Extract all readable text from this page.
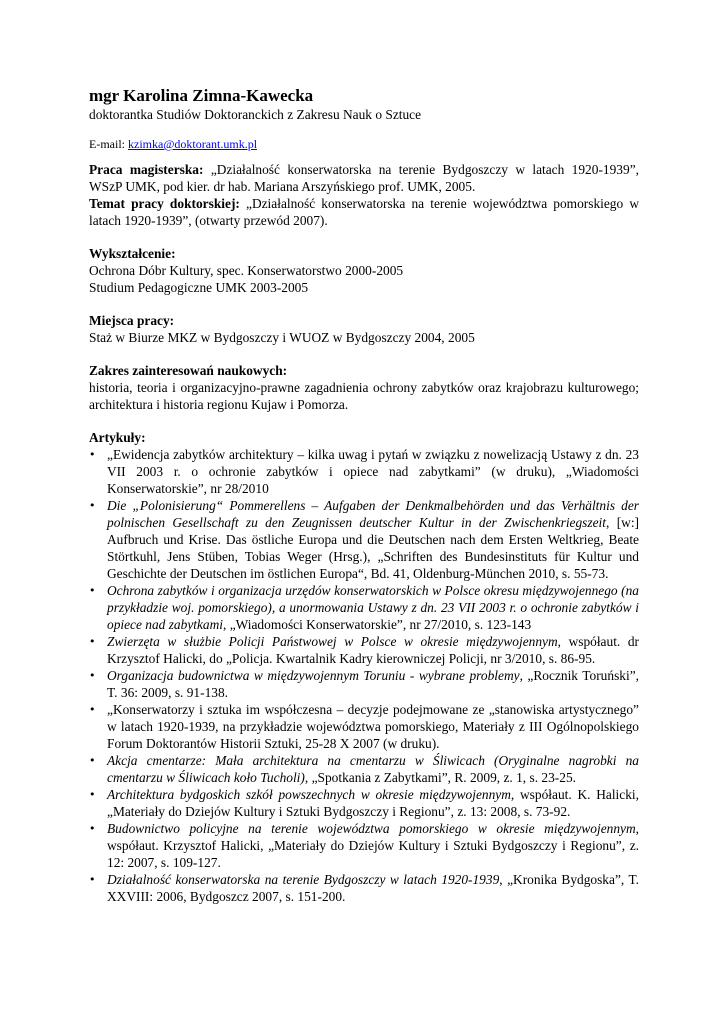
mgr Karolina Zimna-Kawecka

doktorantka Studiów Doktoranckich z Zakresu Nauk o Sztuce

E-mail: kzimka@doktorant.umk.pl

Praca magisterska: „Działalność konserwatorska na terenie Bydgoszczy w latach 1920-1939”, WSzP UMK, pod kier. dr hab. Mariana Arszyńskiego prof. UMK, 2005.

Temat pracy doktorskiej: „Działalność konserwatorska na terenie województwa pomorskiego w latach 1920-1939”, (otwarty przewód 2007).

Wykształcenie:

Ochrona Dóbr Kultury, spec. Konserwatorstwo 2000-2005

Studium Pedagogiczne UMK 2003-2005

Miejsca pracy:

Staż w Biurze MKZ w Bydgoszczy i WUOZ w Bydgoszczy 2004, 2005

Zakres zainteresowań naukowych:

historia, teoria i organizacyjno-prawne zagadnienia ochrony zabytków oraz krajobrazu kulturowego; architektura i historia regionu Kujaw i Pomorza.

Artykuły:

• „Ewidencja zabytków architektury – kilka uwag i pytań w związku z nowelizacją Ustawy z dn. 23 VII 2003 r. o ochronie zabytków i opiece nad zabytkami” (w druku), „Wiadomości Konserwatorskie”, nr 28/2010
• Die „Polonisierung“ Pommerellens – Aufgaben der Denkmalbehörden und das Verhältnis der polnischen Gesellschaft zu den Zeugnissen deutscher Kultur in der Zwischenkriegszeit, [w:] Aufbruch und Krise. Das östliche Europa und die Deutschen nach dem Ersten Weltkrieg, Beate Störtkuhl, Jens Stüben, Tobias Weger (Hrsg.), „Schriften des Bundesinstituts für Kultur und Geschichte der Deutschen im östlichen Europa“, Bd. 41, Oldenburg-München 2010, s. 55-73.
• Ochrona zabytków i organizacja urzędów konserwatorskich w Polsce okresu międzywojennego (na przykładzie woj. pomorskiego), a unormowania Ustawy z dn. 23 VII 2003 r. o ochronie zabytków i opiece nad zabytkami, „Wiadomości Konserwatorskie”, nr 27/2010, s. 123-143
• Zwierzęta w służbie Policji Państwowej w Polsce w okresie międzywojennym, współaut. dr Krzysztof Halicki, do „Policja. Kwartalnik Kadry kierowniczej Policji, nr 3/2010, s. 86-95.
• Organizacja budownictwa w międzywojennym Toruniu - wybrane problemy, „Rocznik Toruński”, T. 36: 2009, s. 91-138.
• „Konserwatorzy i sztuka im współczesna – decyzje podejmowane ze „stanowiska artystycznego” w latach 1920-1939, na przykładzie województwa pomorskiego, Materiały z III Ogólnopolskiego Forum Doktorantów Historii Sztuki, 25-28 X 2007 (w druku).
• Akcja cmentarze: Mała architektura na cmentarzu w Śliwicach (Oryginalne nagrobki na cmentarzu w Śliwicach koło Tucholi), „Spotkania z Zabytkami”, R. 2009, z. 1, s. 23-25.
• Architektura bydgoskich szkół powszechnych w okresie międzywojennym, współaut. K. Halicki, „Materiały do Dziejów Kultury i Sztuki Bydgoszczy i Regionu”, z. 13: 2008, s. 73-92.
• Budownictwo policyjne na terenie województwa pomorskiego w okresie międzywojennym, współaut. Krzysztof Halicki, „Materiały do Dziejów Kultury i Sztuki Bydgoszczy i Regionu”, z. 12: 2007, s. 109-127.
• Działalność konserwatorska na terenie Bydgoszczy w latach 1920-1939, „Kronika Bydgoska”, T. XXVIII: 2006, Bydgoszcz 2007, s. 151-200.
